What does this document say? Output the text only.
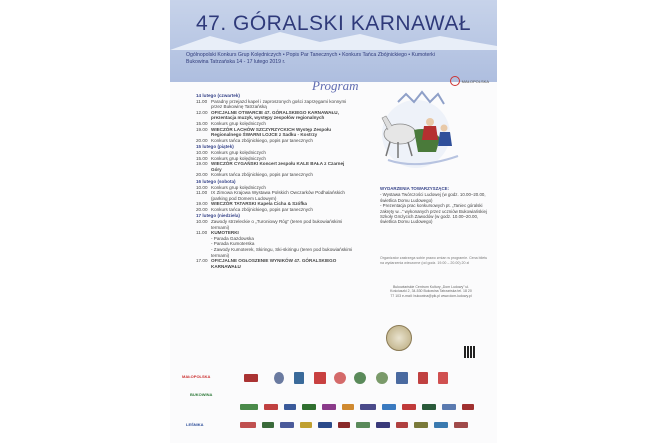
47. GÓRALSKI KARNAWAŁ
Ogólnopolski Konkurs Grup Kolędniczych • Popis Par Tanecznych • Konkurs Tańca Zbójnickiego • Kumoterki
Bukowina Tatrzańska 14 - 17 lutego 2019 r.
Program	MAŁOPOLSKA
14 lutego (czwartek)
11.00 Paradny przejazd kapel i zaproszonych gości zaprzęgami konnymi przez Bukowinę Tatrzańską
12.00 OFICJALNE OTWARCIE 47. GÓRALSKIEGO KARNAWAŁU, prezentacja muzyk, występy zespołów regionalnych
15.00 Konkurs grup kolędniczych
19.00 WIECZÓR LACHÓW SZCZYRZYCKICH Występ Zespołu Regionalnego ŚWARNI LOJCE z Sadku - Kostrzy
20.00 Konkurs tańca zbójnickiego, popis par tanecznych
15 lutego (piątek)
10.00 Konkurs grup kolędniczych
15.00 Konkurs grup kolędniczych
19.00 WIECZÓR CYGAŃSKI Koncert zespołu KALE BAŁA z Czarnej Góry
20.00 Konkurs tańca zbójnickiego, popis par tanecznych
16 lutego (sobota)
10.00 Konkurs grup kolędniczych
11.00 IX Zimowa Krajowa Wystawa Polskich Owczarków Podhalańskich (parking pod Domem Ludowym)
19.00 WIECZÓR TATARSKI Kapela Cicha & Szófka
20.00 Konkurs tańca zbójnickiego, popis par tanecznych
17 lutego (niedziela)
10.00 Zawody strzeleckie o „Turoniowy Róg” (teren pod bukowiańskimi termami)
11.00 KUMOTERKI
- Parada Gazdowska
- Parada Kumoterska
- Zawody Kumoterek, Skiringu, Ski-skiringu (teren pod bukowiańskimi termami)
17.00 OFICJALNE OGŁOSZENIE WYNIKÓW 47. GÓRALSKIEGO KARNAWAŁU
WYDARZENIA TOWARZYSZĄCE:
- Wystawa Twórczości Ludowej (w godz. 10.00–20.00, świetlica Domu Ludowego)
- Prezentacja prac konkursowych pt. „Taniec góralski zakręty w...” wykonanych przez uczniów Bukowiańskiej Szkoły Gmżycich Zawodów (w godz. 10.00–20.00, świetlica Domu Ludowego)
Organizator zastrzega sobie prawo zmian w programie. Cena biletu na wydarzenia wieczorne (od godz. 19.00 – 20.00) 20 zł
Bukowiańskie Centrum Kultury „Dom Ludowy” ul. Kościuszki 2, 34-530 Bukowina Tatrzańska tel. 18 20 77 103 e-mail: bukowina@pik.pl www.dom-ludowy.pl
MAŁOPOLSKA
BUKOWINA
LEŚNIKA
